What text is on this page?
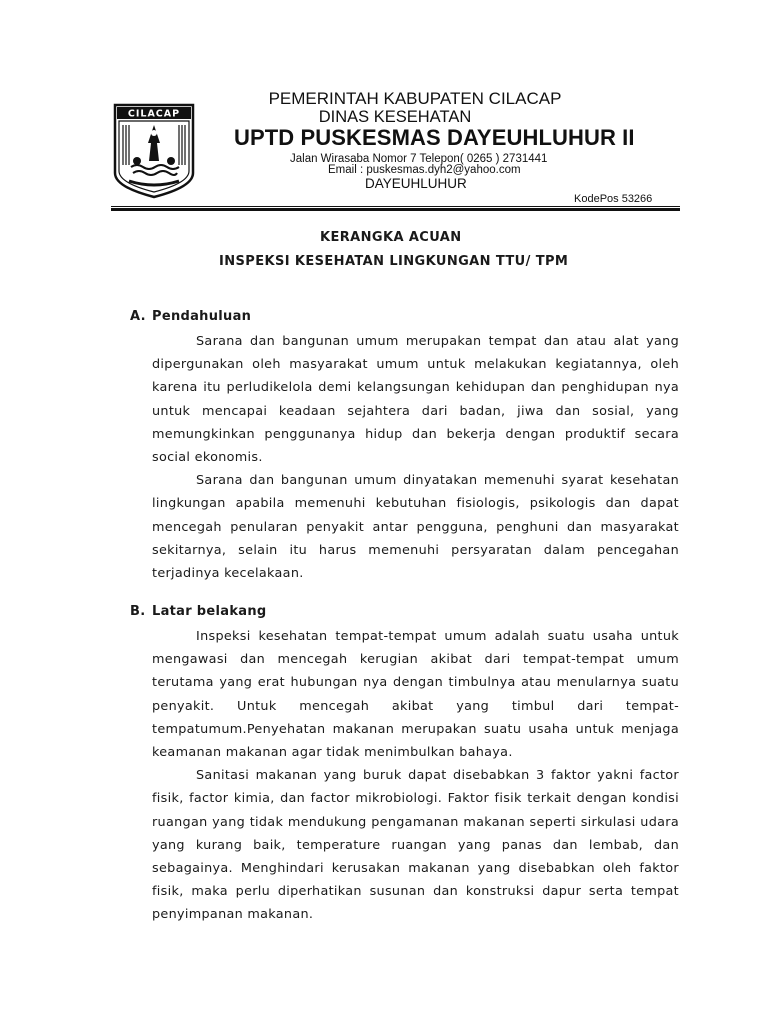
CILACAP
PEMERINTAH KABUPATEN CILACAP
DINAS KESEHATAN
UPTD PUSKESMAS DAYEUHLUHUR II
Jalan Wirasaba Nomor 7 Telepon( 0265 ) 2731441
Email : puskesmas.dyh2@yahoo.com
DAYEUHLUHUR
KodePos 53266
KERANGKA ACUAN
INSPEKSI KESEHATAN LINGKUNGAN TTU/ TPM
A. Pendahuluan

Sarana dan bangunan umum merupakan tempat dan atau alat yang dipergunakan oleh masyarakat umum untuk melakukan kegiatannya, oleh karena itu perludikelola demi kelangsungan kehidupan dan penghidupan nya untuk mencapai keadaan sejahtera dari badan, jiwa dan sosial, yang memungkinkan penggunanya hidup dan bekerja dengan produktif secara social ekonomis.

Sarana dan bangunan umum dinyatakan memenuhi syarat kesehatan lingkungan apabila memenuhi kebutuhan fisiologis, psikologis dan dapat mencegah penularan penyakit antar pengguna, penghuni dan masyarakat sekitarnya, selain itu harus memenuhi persyaratan dalam pencegahan terjadinya kecelakaan.

B. Latar belakang

Inspeksi kesehatan tempat-tempat umum adalah suatu usaha untuk mengawasi dan mencegah kerugian akibat dari tempat-tempat umum terutama yang erat hubungan nya dengan timbulnya atau menularnya suatu penyakit. Untuk mencegah akibat yang timbul dari tempat-tempatumum.Penyehatan makanan merupakan suatu usaha untuk menjaga keamanan makanan agar tidak menimbulkan bahaya.

Sanitasi makanan yang buruk dapat disebabkan 3 faktor yakni factor fisik, factor kimia, dan factor mikrobiologi. Faktor fisik terkait dengan kondisi ruangan yang tidak mendukung pengamanan makanan seperti sirkulasi udara yang kurang baik, temperature ruangan yang panas dan lembab, dan sebagainya. Menghindari kerusakan makanan yang disebabkan oleh faktor fisik, maka perlu diperhatikan susunan dan konstruksi dapur serta tempat penyimpanan makanan.
